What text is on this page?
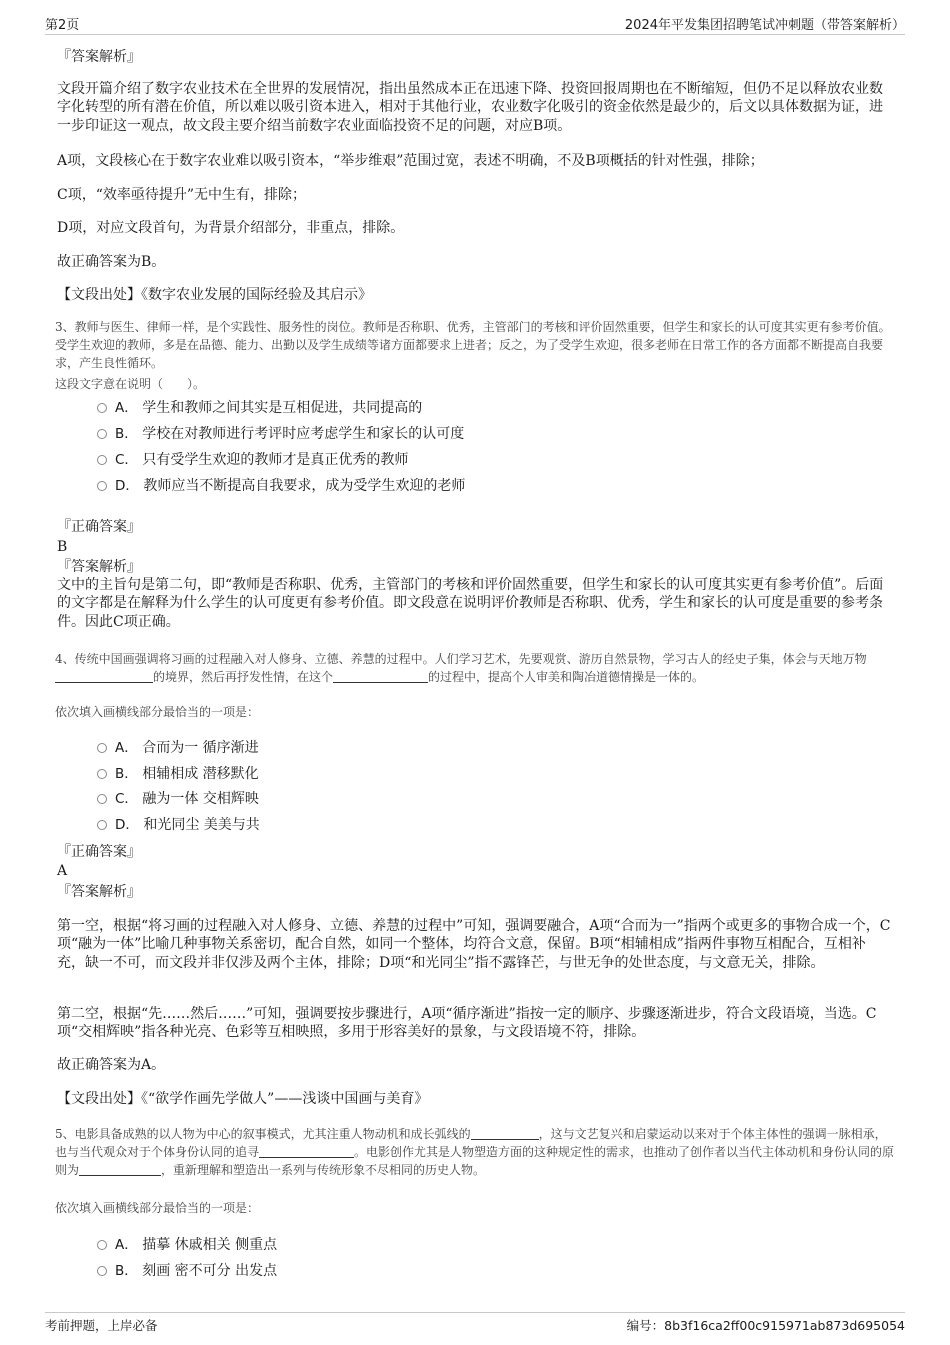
第2页	2024年平发集团招聘笔试冲刺题（带答案解析）
『答案解析』
文段开篇介绍了数字农业技术在全世界的发展情况，指出虽然成本正在迅速下降、投资回报周期也在不断缩短，但仍不足以释放农业数字化转型的所有潜在价值，所以难以吸引资本进入，相对于其他行业，农业数字化吸引的资金依然是最少的，后文以具体数据为证，进一步印证这一观点，故文段主要介绍当前数字农业面临投资不足的问题，对应B项。
A项，文段核心在于数字农业难以吸引资本，“举步维艰”范围过宽，表述不明确，不及B项概括的针对性强，排除；
C项，“效率亟待提升”无中生有，排除；
D项，对应文段首句，为背景介绍部分，非重点，排除。
故正确答案为B。
【文段出处】《数字农业发展的国际经验及其启示》
3、教师与医生、律师一样，是个实践性、服务性的岗位。教师是否称职、优秀，主管部门的考核和评价固然重要，但学生和家长的认可度其实更有参考价值。受学生欢迎的教师，多是在品德、能力、出勤以及学生成绩等诸方面都要求上进者；反之，为了受学生欢迎，很多老师在日常工作的各方面都不断提高自我要求，产生良性循环。
这段文字意在说明（　　）。
A． 学生和教师之间其实是互相促进，共同提高的
B． 学校在对教师进行考评时应考虑学生和家长的认可度
C． 只有受学生欢迎的教师才是真正优秀的教师
D． 教师应当不断提高自我要求，成为受学生欢迎的老师
『正确答案』
B
『答案解析』
文中的主旨句是第二句，即“教师是否称职、优秀，主管部门的考核和评价固然重要，但学生和家长的认可度其实更有参考价值”。后面的文字都是在解释为什么学生的认可度更有参考价值。即文段意在说明评价教师是否称职、优秀，学生和家长的认可度是重要的参考条件。因此C项正确。
4、传统中国画强调将习画的过程融入对人修身、立德、养慧的过程中。人们学习艺术，先要观赏、游历自然景物，学习古人的经史子集，体会与天地万物的境界，然后再抒发性情，在这个	的过程中，提高个人审美和陶冶道德情操是一体的。
依次填入画横线部分最恰当的一项是：
A． 合而为一 循序渐进
B． 相辅相成 潜移默化
C． 融为一体 交相辉映
D． 和光同尘 美美与共
『正确答案』
A
『答案解析』
第一空，根据“将习画的过程融入对人修身、立德、养慧的过程中”可知，强调要融合，A项“合而为一”指两个或更多的事物合成一个，C项“融为一体”比喻几种事物关系密切，配合自然，如同一个整体，均符合文意，保留。B项“相辅相成”指两件事物互相配合，互相补充，缺一不可，而文段并非仅涉及两个主体，排除；D项“和光同尘”指不露锋芒，与世无争的处世态度，与文意无关，排除。
第二空，根据“先……然后……”可知，强调要按步骤进行，A项“循序渐进”指按一定的顺序、步骤逐渐进步，符合文段语境，当选。C项“交相辉映”指各种光亮、色彩等互相映照，多用于形容美好的景象，与文段语境不符，排除。
故正确答案为A。
【文段出处】《“欲学作画先学做人”——浅谈中国画与美育》
5、电影具备成熟的以人物为中心的叙事模式，尤其注重人物动机和成长弧线的	，这与文艺复兴和启蒙运动以来对于个体主体性的强调一脉相承，也与当代观众对于个体身份认同的追寻	。电影创作尤其是人物塑造方面的这种规定性的需求，也推动了创作者以当代主体动机和身份认同的原则为	，重新理解和塑造出一系列与传统形象不尽相同的历史人物。
依次填入画横线部分最恰当的一项是：
A． 描摹 休戚相关 侧重点
B． 刻画 密不可分 出发点
考前押题，上岸必备	编号：8b3f16ca2ff00c915971ab873d695054
